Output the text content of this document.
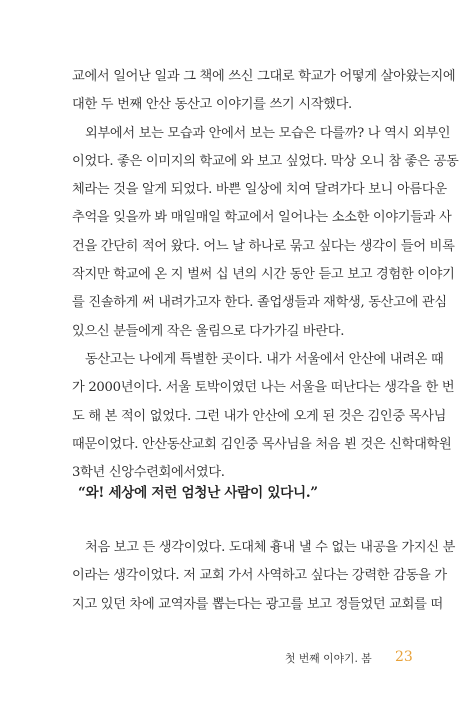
교에서 일어난 일과 그 책에 쓰신 그대로 학교가 어떻게 살아왔는지에
대한 두 번째 안산 동산고 이야기를 쓰기 시작했다.
외부에서 보는 모습과 안에서 보는 모습은 다를까? 나 역시 외부인
이었다. 좋은 이미지의 학교에 와 보고 싶었다. 막상 오니 참 좋은 공동
체라는 것을 알게 되었다. 바쁜 일상에 치여 달려가다 보니 아름다운
추억을 잊을까 봐 매일매일 학교에서 일어나는 소소한 이야기들과 사
건을 간단히 적어 왔다. 어느 날 하나로 묶고 싶다는 생각이 들어 비록
작지만 학교에 온 지 벌써 십 년의 시간 동안 듣고 보고 경험한 이야기
를 진솔하게 써 내려가고자 한다. 졸업생들과 재학생, 동산고에 관심
있으신 분들에게 작은 울림으로 다가가길 바란다.
동산고는 나에게 특별한 곳이다. 내가 서울에서 안산에 내려온 때
가 2000년이다. 서울 토박이였던 나는 서울을 떠난다는 생각을 한 번
도 해 본 적이 없었다. 그런 내가 안산에 오게 된 것은 김인중 목사님
때문이었다. 안산동산교회 김인중 목사님을 처음 뵌 것은 신학대학원
3학년 신앙수련회에서였다.
“와! 세상에 저런 엄청난 사람이 있다니.”
처음 보고 든 생각이었다. 도대체 흉내 낼 수 없는 내공을 가지신 분
이라는 생각이었다. 저 교회 가서 사역하고 싶다는 강력한 감동을 가
지고 있던 차에 교역자를 뽑는다는 광고를 보고 정들었던 교회를 떠
첫 번째 이야기. 봄 23
